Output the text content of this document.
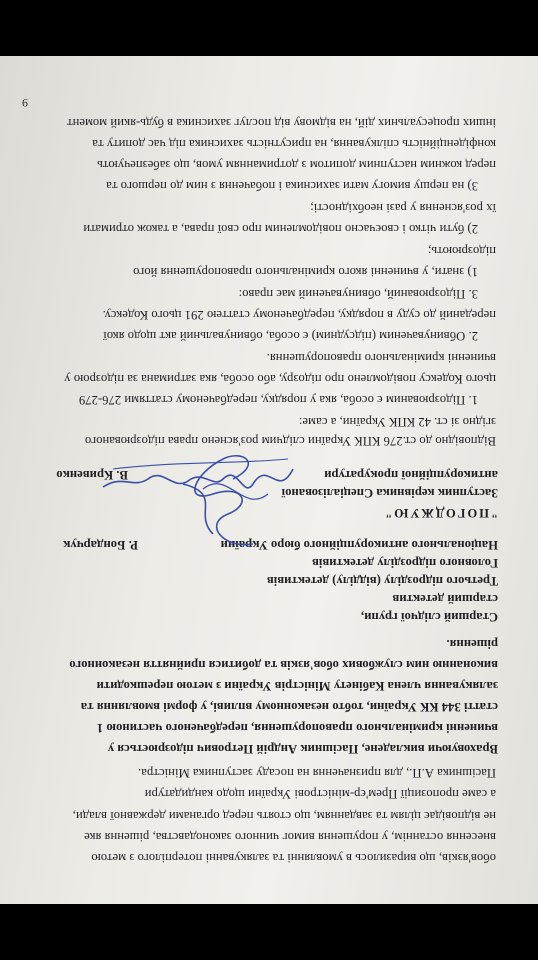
обов'язків, що виразилось в умовлянні та залякуванні потерпілого з метою
внесення останнім, у порушення вимог чинного законодавства, рішення яке
не відповідає цілям та завданням, що стоять перед органами державної влади,
а саме пропозиції Прем'єр-міністрові України щодо кандидатури
Пасішника А.П., для призначення на посаду заступника Міністра.
Враховуючи викладене, Пасішник Андрій Петрович підозрюється у
вчиненні кримінального правопорушення, передбаченого частиною 1
статті 344 КК України, тобто незаконному впливі, у формі вмовляння та
залякування члена Кабінету Міністрів України з метою перешкодити
виконанню ним службових обов'язків та добитися прийняття незаконного
рішення.
Старший слідчої групи,
старший детектив
Третього підрозділу (відділу) детективів
Головного підрозділу детективів
Національного антикорупційного бюро України
Р. Бондарчук
"ПОГОДЖУЮ"
Заступник керівника Спеціалізованої
антикорупційної прокуратури
В. Кривенко
Відповідно до ст.276 КПК України слідчим роз'яснено права підозрюваного
згідно зі ст. 42 КПК України, а саме:
1. Підозрюваним є особа, яка у порядку, передбаченому статтями 276-279
цього Кодексу повідомлено про підозру, або особа, яка затримана за підозрою у
вчиненні кримінального правопорушення.
2. Обвинуваченим (підсудним) є особа, обвинувальний акт щодо якої
переданий до суду в порядку, передбаченому статтею 291 цього Кодексу.
3. Підозрюваний, обвинувачений має право:
1) знати, у вчиненні якого кримінального правопорушення його
підозрюють;
2) бути чітко і своєчасно повідомленим про свої права, а також отримати
їх роз'яснення у разі необхідності;
3) на першу вимогу мати захисника і побачення з ним до першого та
перед кожним наступним допитом з дотриманням умов, що забезпечують
конфіденційність спілкування, на присутність захисника під час допиту та
інших процесуальних дій, на відмову від послуг захисника в будь-який момент
9
